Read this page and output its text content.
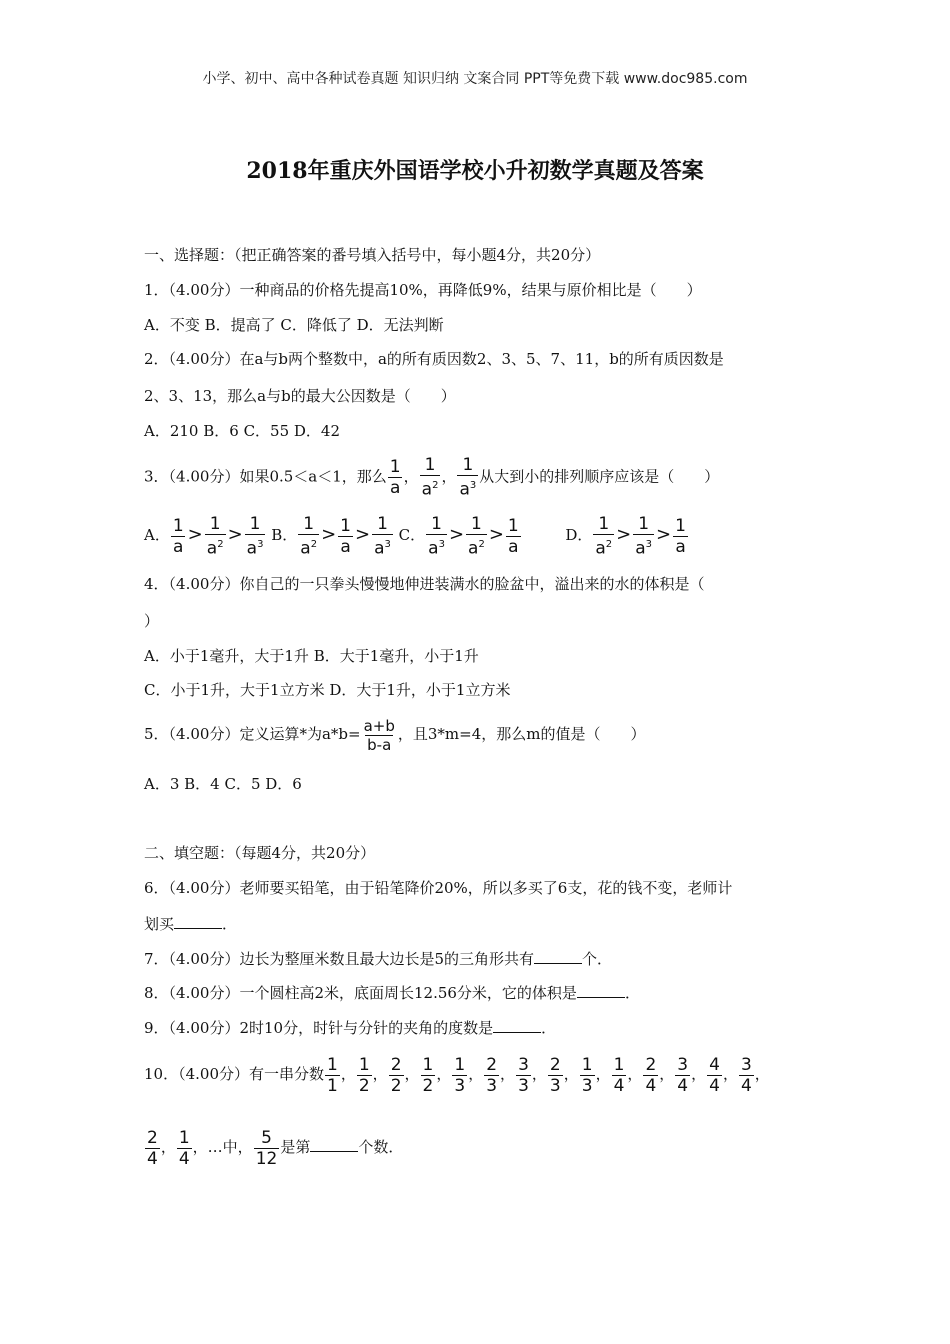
小学、初中、高中各种试卷真题 知识归纳 文案合同 PPT等免费下载 www.doc985.com
2018年重庆外国语学校小升初数学真题及答案
一、选择题：（把正确答案的番号填入括号中，每小题4分，共20分）
1．（4.00分）一种商品的价格先提高10%，再降低9%，结果与原价相比是（　　）
A．不变 B．提高了 C．降低了 D．无法判断
2．（4.00分）在a与b两个整数中，a的所有质因数2、3、5、7、11，b的所有质因数是
2、3、13，那么a与b的最大公因数是（　　）
A．210 B．6 C．55 D．42
3．（4.00分）如果0.5＜a＜1，那么 $\frac{1}{a}$ ， $\frac{1}{a^2}$ ， $\frac{1}{a^3}$ 从大到小的排列顺序应该是（　　）
A． $\frac{1}{a} > \frac{1}{a^2} > \frac{1}{a^3}$ B． $\frac{1}{a^2} > \frac{1}{a} > \frac{1}{a^3}$ C． $\frac{1}{a^3} > \frac{1}{a^2} > \frac{1}{a}$	D． $\frac{1}{a^2} > \frac{1}{a^3} > \frac{1}{a}$
4．（4.00分）你自己的一只拳头慢慢地伸进装满水的脸盆中，溢出来的水的体积是（
）
A．小于1毫升，大于1升 B．大于1毫升，小于1升
C．小于1升，大于1立方米 D．大于1升，小于1立方米
5．（4.00分）定义运算*为$a*b= \frac{a+b}{b-a}$ ，且3*m=4，那么m的值是（　　）
A．3 B．4 C．5 D．6
二、填空题：（每题4分，共20分）
6．（4.00分）老师要买铅笔，由于铅笔降价20%，所以多买了6支，花的钱不变，老师计
划买	．
7．（4.00分）边长为整厘米数且最大边长是5的三角形共有	个．
8．（4.00分）一个圆柱高2米，底面周长12.56分米，它的体积是	．
9．（4.00分）2时10分，时针与分针的夹角的度数是	．
10．（4.00分）有一串分数 $\frac{1}{1}$ ， $\frac{1}{2}$ ， $\frac{2}{2}$ ， $\frac{1}{2}$ ， $\frac{1}{3}$ ， $\frac{2}{3}$ ， $\frac{3}{3}$ ， $\frac{2}{3}$ ， $\frac{1}{3}$ ， $\frac{1}{4}$ ， $\frac{2}{4}$ ， $\frac{3}{4}$ ， $\frac{4}{4}$ ， $\frac{3}{4}$ ，
$\frac{2}{4}$ ， $\frac{1}{4}$ ，…中， $\frac{5}{12}$ 是第	个数．
